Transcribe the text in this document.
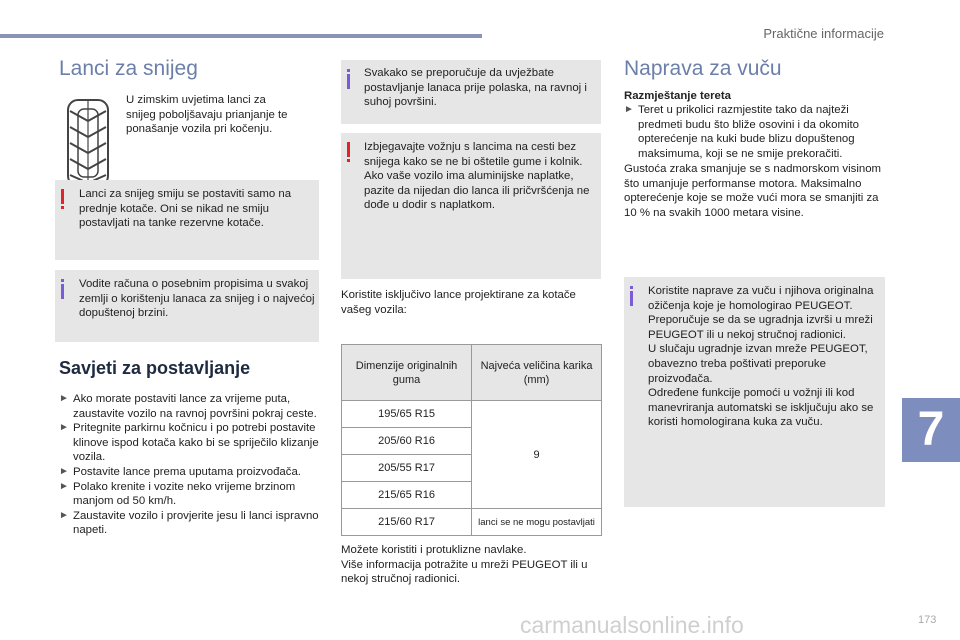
Praktične informacije
Lanci za snijeg
U zimskim uvjetima lanci za snijeg poboljšavaju prianjanje te ponašanje vozila pri kočenju.
Lanci za snijeg smiju se postaviti samo na prednje kotače. Oni se nikad ne smiju postavljati na tanke rezervne kotače.
Vodite računa o posebnim propisima u svakoj zemlji o korištenju lanaca za snijeg i o najvećoj dopuštenoj brzini.
Savjeti za postavljanje
► Ako morate postaviti lance za vrijeme puta, zaustavite vozilo na ravnoj površini pokraj ceste.
► Pritegnite parkirnu kočnicu i po potrebi postavite klinove ispod kotača kako bi se spriječilo klizanje vozila.
► Postavite lance prema uputama proizvođača.
► Polako krenite i vozite neko vrijeme brzinom manjom od 50 km/h.
► Zaustavite vozilo i provjerite jesu li lanci ispravno napeti.
Svakako se preporučuje da uvježbate postavljanje lanaca prije polaska, na ravnoj i suhoj površini.
Izbjegavajte vožnju s lancima na cesti bez snijega kako se ne bi oštetile gume i kolnik. Ako vaše vozilo ima aluminijske naplatke, pazite da nijedan dio lanca ili pričvršćenja ne dođe u dodir s naplatkom.
Koristite isključivo lance projektirane za kotače vašeg vozila:
Dimenzije originalnih guma	Najveća veličina karika (mm)
195/65 R15	9
205/60 R16	
205/55 R17	
215/65 R16	
215/60 R17	lanci se ne mogu postavljati
Možete koristiti i protuklizne navlake.
Više informacija potražite u mreži PEUGEOT ili u nekoj stručnoj radionici.
Naprava za vuču
Razmještanje tereta
► Teret u prikolici razmjestite tako da najteži predmeti budu što bliže osovini i da okomito opterećenje na kuki bude blizu dopuštenog maksimuma, koji se ne smije prekoračiti.
Gustoća zraka smanjuje se s nadmorskom visinom što umanjuje performanse motora. Maksimalno opterećenje koje se može vući mora se smanjiti za 10 % na svakih 1000 metara visine.
Koristite naprave za vuču i njihova originalna ožičenja koje je homologirao PEUGEOT. Preporučuje se da se ugradnja izvrši u mreži PEUGEOT ili u nekoj stručnoj radionici.
U slučaju ugradnje izvan mreže PEUGEOT, obavezno treba poštivati preporuke proizvođača.
Određene funkcije pomoći u vožnji ili kod manevriranja automatski se isključuju ako se koristi homologirana kuka za vuču.	7
carmanualsonline.info	173
